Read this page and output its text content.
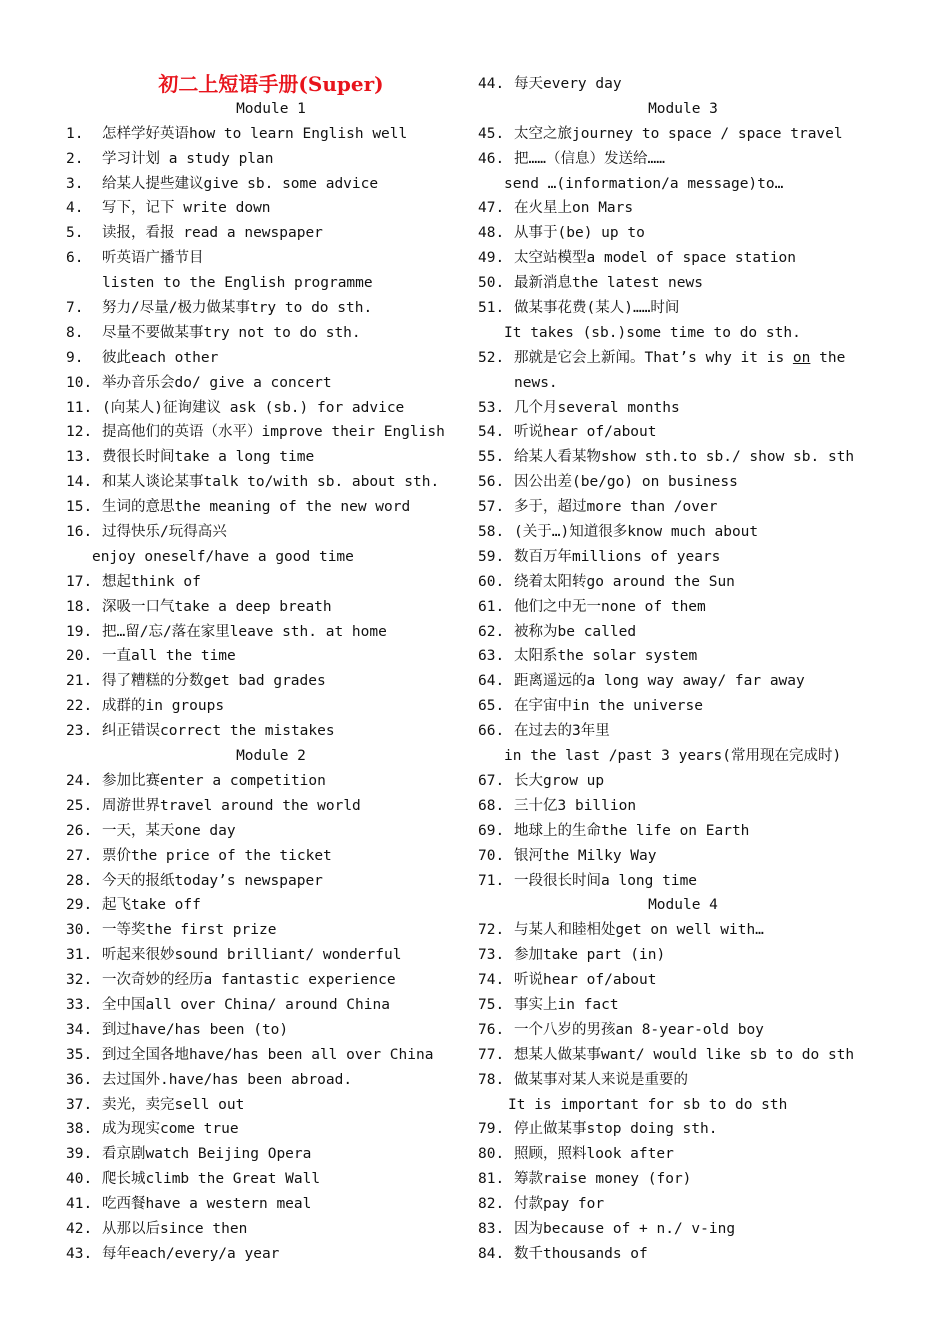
初二上短语手册(Super)
Module 1
1. 怎样学好英语how to learn English well
2. 学习计划 a study plan
3. 给某人提些建议give sb. some advice
4. 写下，记下 write down
5. 读报，看报 read a newspaper
6. 听英语广播节目
listen to the English programme
7. 努力/尽量/极力做某事try to do sth.
8. 尽量不要做某事try not to do sth.
9. 彼此each other
10. 举办音乐会do/ give a concert
11. (向某人)征询建议 ask (sb.) for advice
12. 提高他们的英语（水平）improve their English
13. 费很长时间take a long time
14. 和某人谈论某事talk to/with sb. about sth.
15. 生词的意思the meaning of the new word
16. 过得快乐/玩得高兴
enjoy oneself/have a good time
17. 想起think of
18. 深吸一口气take a deep breath
19. 把…留/忘/落在家里leave sth. at home
20. 一直all the time
21. 得了糟糕的分数get bad grades
22. 成群的in groups
23. 纠正错误correct the mistakes
Module 2
24. 参加比赛enter a competition
25. 周游世界travel around the world
26. 一天，某天one day
27. 票价the price of the ticket
28. 今天的报纸today’s newspaper
29. 起飞take off
30. 一等奖the first prize
31. 听起来很妙sound brilliant/ wonderful
32. 一次奇妙的经历a fantastic experience
33. 全中国all over China/ around China
34. 到过have/has been (to)
35. 到过全国各地have/has been all over China
36. 去过国外.have/has been abroad.
37. 卖光，卖完sell out
38. 成为现实come true
39. 看京剧watch Beijing Opera
40. 爬长城climb the Great Wall
41. 吃西餐have a western meal
42. 从那以后since then
43. 每年each/every/a year
44. 每天every day
Module 3
45. 太空之旅journey to space / space travel
46. 把……（信息）发送给……
send …(information/a message)to…
47. 在火星上on Mars
48. 从事于(be) up to
49. 太空站模型a model of space station
50. 最新消息the latest news
51. 做某事花费(某人)……时间
It takes (sb.)some time to do sth.
52. 那就是它会上新闻。That’s why it is on the
news.
53. 几个月several months
54. 听说hear of/about
55. 给某人看某物show sth.to sb./ show sb. sth
56. 因公出差(be/go) on business
57. 多于，超过more than /over
58. (关于…)知道很多know much about
59. 数百万年millions of years
60. 绕着太阳转go around the Sun
61. 他们之中无一none of them
62. 被称为be called
63. 太阳系the solar system
64. 距离遥远的a long way away/ far away
65. 在宇宙中in the universe
66. 在过去的3年里
in the last /past 3 years(常用现在完成时)
67. 长大grow up
68. 三十亿3 billion
69. 地球上的生命the life on Earth
70. 银河the Milky Way
71. 一段很长时间a long time
Module 4
72. 与某人和睦相处get on well with…
73. 参加take part (in)
74. 听说hear of/about
75. 事实上in fact
76. 一个八岁的男孩an 8-year-old boy
77. 想某人做某事want/ would like sb to do sth
78. 做某事对某人来说是重要的
It is important for sb to do sth
79. 停止做某事stop doing sth.
80. 照顾，照料look after
81. 筹款raise money (for)
82. 付款pay for
83. 因为because of + n./ v-ing
84. 数千thousands of
